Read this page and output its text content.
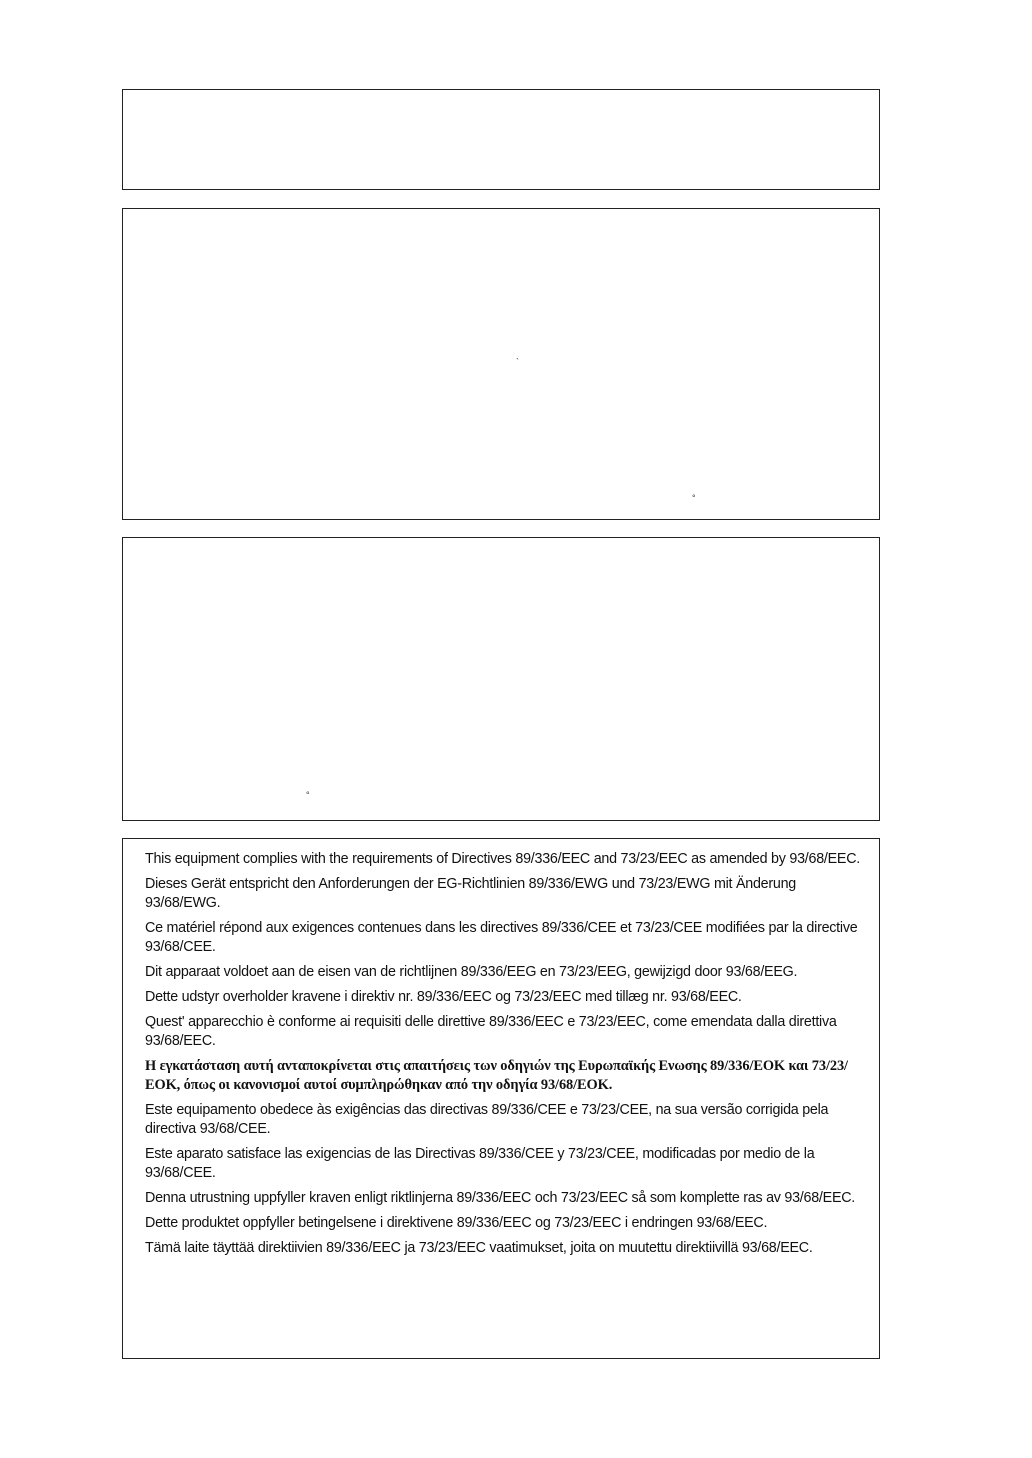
`
°
°
This equipment complies with the requirements of Directives 89/336/EEC and 73/23/EEC as amended by 93/68/EEC.
Dieses Gerät entspricht den Anforderungen der EG-Richtlinien 89/336/EWG und 73/23/EWG mit Änderung 93/68/EWG.
Ce matériel répond aux exigences contenues dans les directives 89/336/CEE et 73/23/CEE modifiées par la directive 93/68/CEE.
Dit apparaat voldoet aan de eisen van de richtlijnen 89/336/EEG en 73/23/EEG, gewijzigd door 93/68/EEG.
Dette udstyr overholder kravene i direktiv nr. 89/336/EEC og 73/23/EEC med tillæg nr. 93/68/EEC.
Quest' apparecchio è conforme ai requisiti delle direttive 89/336/EEC e 73/23/EEC, come emendata dalla direttiva 93/68/EEC.
Η εγκατάσταση αυτή ανταποκρίνεται στις απαιτήσεις των οδηγιών της Ευρωπαϊκής Ενωσης 89/336/ΕΟΚ και 73/23/ΕΟΚ, όπως οι κανονισμοί αυτοί συμπληρώθηκαν από την οδηγία 93/68/ΕΟΚ.
Este equipamento obedece às exigências das directivas 89/336/CEE e 73/23/CEE, na sua versão corrigida pela directiva 93/68/CEE.
Este aparato satisface las exigencias de las Directivas 89/336/CEE y 73/23/CEE, modificadas por medio de la 93/68/CEE.
Denna utrustning uppfyller kraven enligt riktlinjerna 89/336/EEC och 73/23/EEC så som komplette ras av 93/68/EEC.
Dette produktet oppfyller betingelsene i direktivene 89/336/EEC og 73/23/EEC i endringen 93/68/EEC.
Tämä laite täyttää direktiivien 89/336/EEC ja 73/23/EEC vaatimukset, joita on muutettu direktiivillä 93/68/EEC.
